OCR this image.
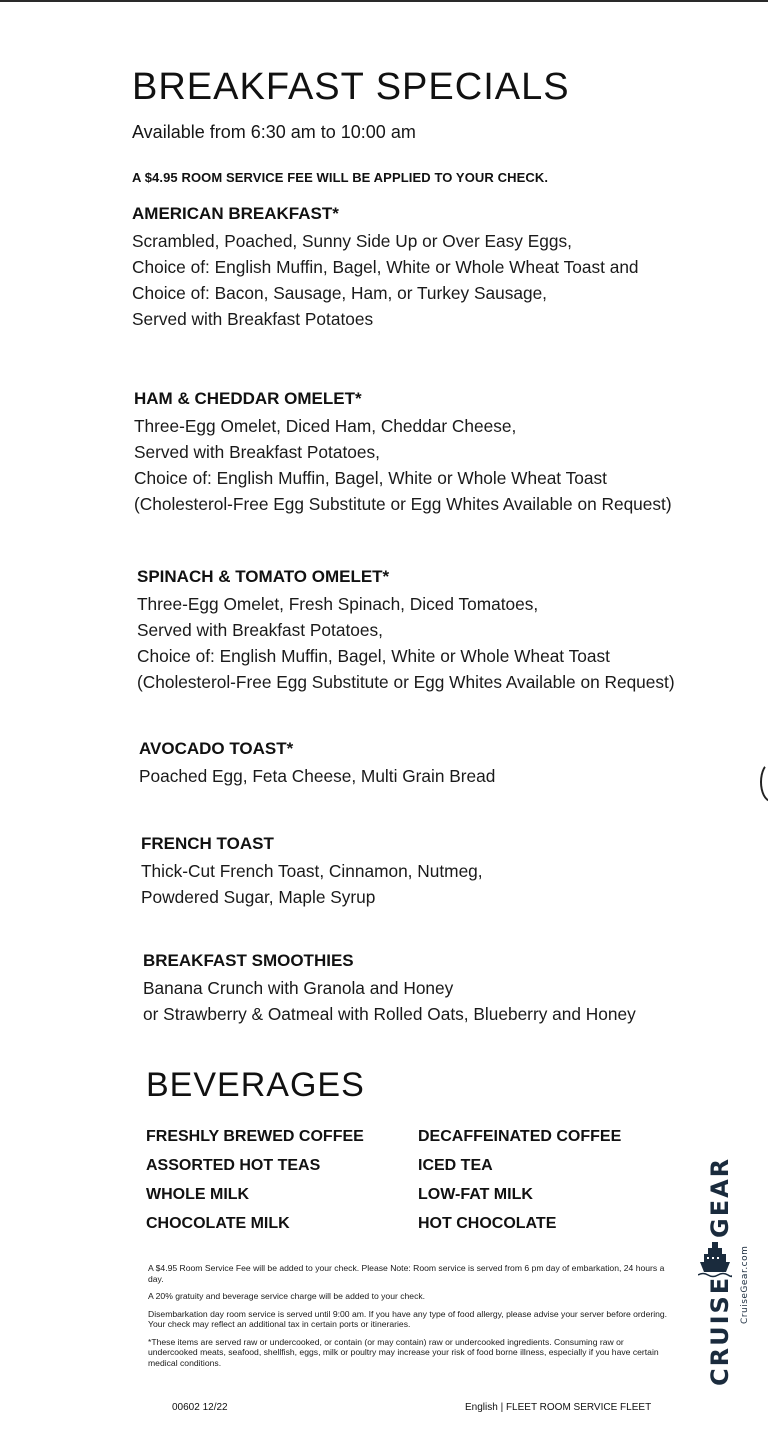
BREAKFAST SPECIALS
Available from 6:30 am to 10:00 am
A $4.95 ROOM SERVICE FEE WILL BE APPLIED TO YOUR CHECK.
AMERICAN BREAKFAST*
Scrambled, Poached, Sunny Side Up or Over Easy Eggs,
Choice of: English Muffin, Bagel, White or Whole Wheat Toast and
Choice of: Bacon, Sausage, Ham, or Turkey Sausage,
Served with Breakfast Potatoes
HAM & CHEDDAR OMELET*
Three-Egg Omelet, Diced Ham, Cheddar Cheese,
Served with Breakfast Potatoes,
Choice of: English Muffin, Bagel, White or Whole Wheat Toast
(Cholesterol-Free Egg Substitute or Egg Whites Available on Request)
SPINACH & TOMATO OMELET*
Three-Egg Omelet, Fresh Spinach, Diced Tomatoes,
Served with Breakfast Potatoes,
Choice of: English Muffin, Bagel, White or Whole Wheat Toast
(Cholesterol-Free Egg Substitute or Egg Whites Available on Request)
AVOCADO TOAST*
Poached Egg, Feta Cheese, Multi Grain Bread
FRENCH TOAST
Thick-Cut French Toast, Cinnamon, Nutmeg,
Powdered Sugar, Maple Syrup
BREAKFAST SMOOTHIES
Banana Crunch with Granola and Honey
or Strawberry & Oatmeal with Rolled Oats, Blueberry and Honey
BEVERAGES
FRESHLY BREWED COFFEE	DECAFFEINATED COFFEE
ASSORTED HOT TEAS	ICED TEA
WHOLE MILK	LOW-FAT MILK
CHOCOLATE MILK	HOT CHOCOLATE

A $4.95 Room Service Fee will be added to your check. Please Note: Room service is served from 6 pm day of embarkation, 24 hours a day.

A 20% gratuity and beverage service charge will be added to your check.

Disembarkation day room service is served until 9:00 am. If you have any type of food allergy, please advise your server before ordering. Your check may reflect an additional tax in certain ports or itineraries.

*These items are served raw or undercooked, or contain (or may contain) raw or undercooked ingredients. Consuming raw or undercooked meats, seafood, shellfish, eggs, milk or poultry may increase your risk of food borne illness, especially if you have certain medical conditions.

00602 12/22	English | FLEET ROOM SERVICE FLEET
CRUISE
GEAR
CruiseGear.com
